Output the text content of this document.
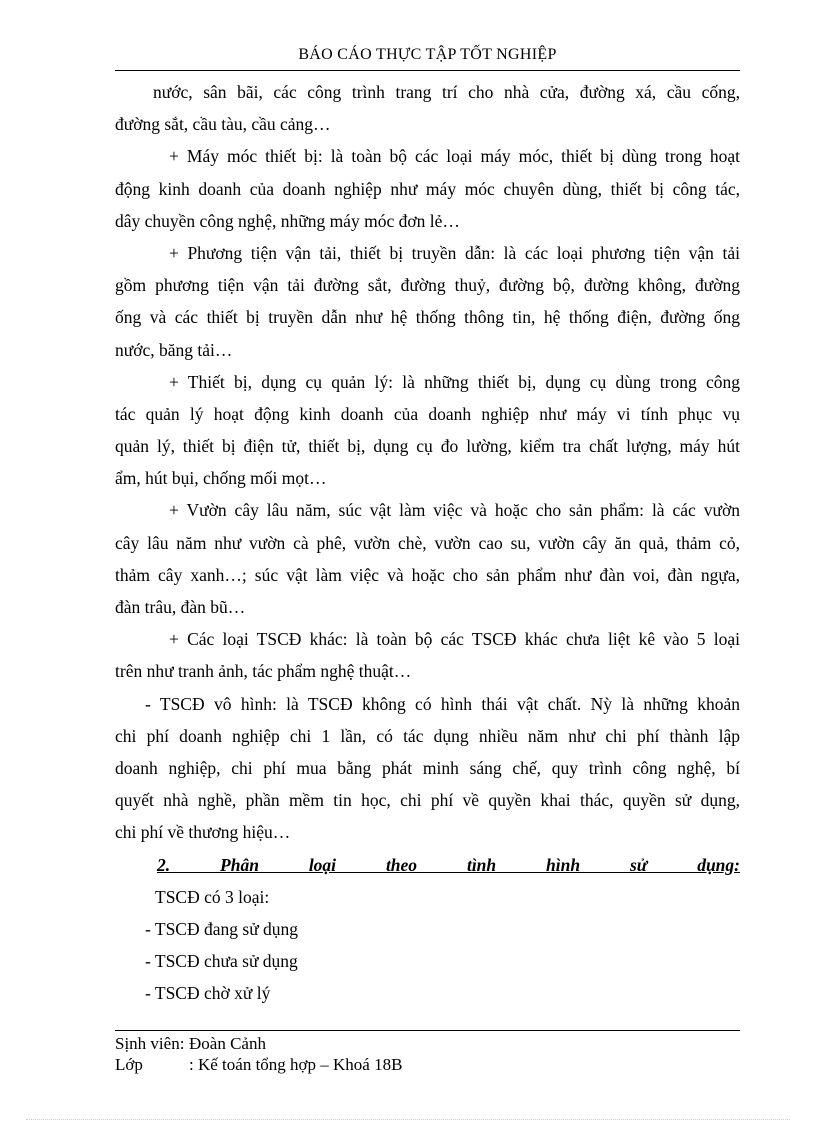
BÁO CÁO THỰC TẬP TỐT NGHIỆP
nước, sân bãi, các công trình trang trí cho nhà cửa, đường xá, cầu cống,
đường sắt, cầu tàu, cầu cảng…
+ Máy móc thiết bị: là toàn bộ các loại máy móc, thiết bị dùng trong hoạt
động kinh doanh của doanh nghiệp như máy móc chuyên dùng, thiết bị công tác,
dây chuyền công nghệ, những máy móc đơn lẻ…
+ Phương tiện vận tải, thiết bị truyền dẫn: là các loại phương tiện vận tải
gồm phương tiện vận tải đường sắt, đường thuỷ, đường bộ, đường không, đường
ống và các thiết bị truyền dẫn như hệ thống thông tin, hệ thống điện, đường ống
nước, băng tải…
+ Thiết bị, dụng cụ quản lý: là những thiết bị, dụng cụ dùng trong công
tác quản lý hoạt động kinh doanh của doanh nghiệp như máy vi tính phục vụ
quản lý, thiết bị điện tử, thiết bị, dụng cụ đo lường, kiểm tra chất lượng, máy hút
ẩm, hút bụi, chống mối mọt…
+ Vườn cây lâu năm, súc vật làm việc và hoặc cho sản phẩm: là các vườn
cây lâu năm như vườn cà phê, vườn chè, vườn cao su, vườn cây ăn quả, thảm cỏ,
thảm cây xanh…; súc vật làm việc và hoặc cho sản phẩm như đàn voi, đàn ngựa,
đàn trâu, đàn bũ…
+ Các loại TSCĐ khác: là toàn bộ các TSCĐ khác chưa liệt kê vào 5 loại
trên như tranh ảnh, tác phẩm nghệ thuật…
- TSCĐ vô hình: là TSCĐ không có hình thái vật chất. Nỳ là những khoản
chi phí doanh nghiệp chi 1 lần, có tác dụng nhiều năm như chi phí thành lập
doanh nghiệp, chi phí mua bằng phát minh sáng chế, quy trình công nghệ, bí
quyết nhà nghề, phần mềm tin học, chi phí về quyền khai thác, quyền sử dụng,
chi phí về thương hiệu…
2. Phân loại theo tình hình sử dụng:
TSCĐ có 3 loại:
- TSCĐ đang sử dụng
- TSCĐ chưa sử dụng
- TSCĐ chờ xử lý
Sịnh viên: Đoàn Cảnh
Lớp	: Kế toán tổng hợp – Khoá 18B
